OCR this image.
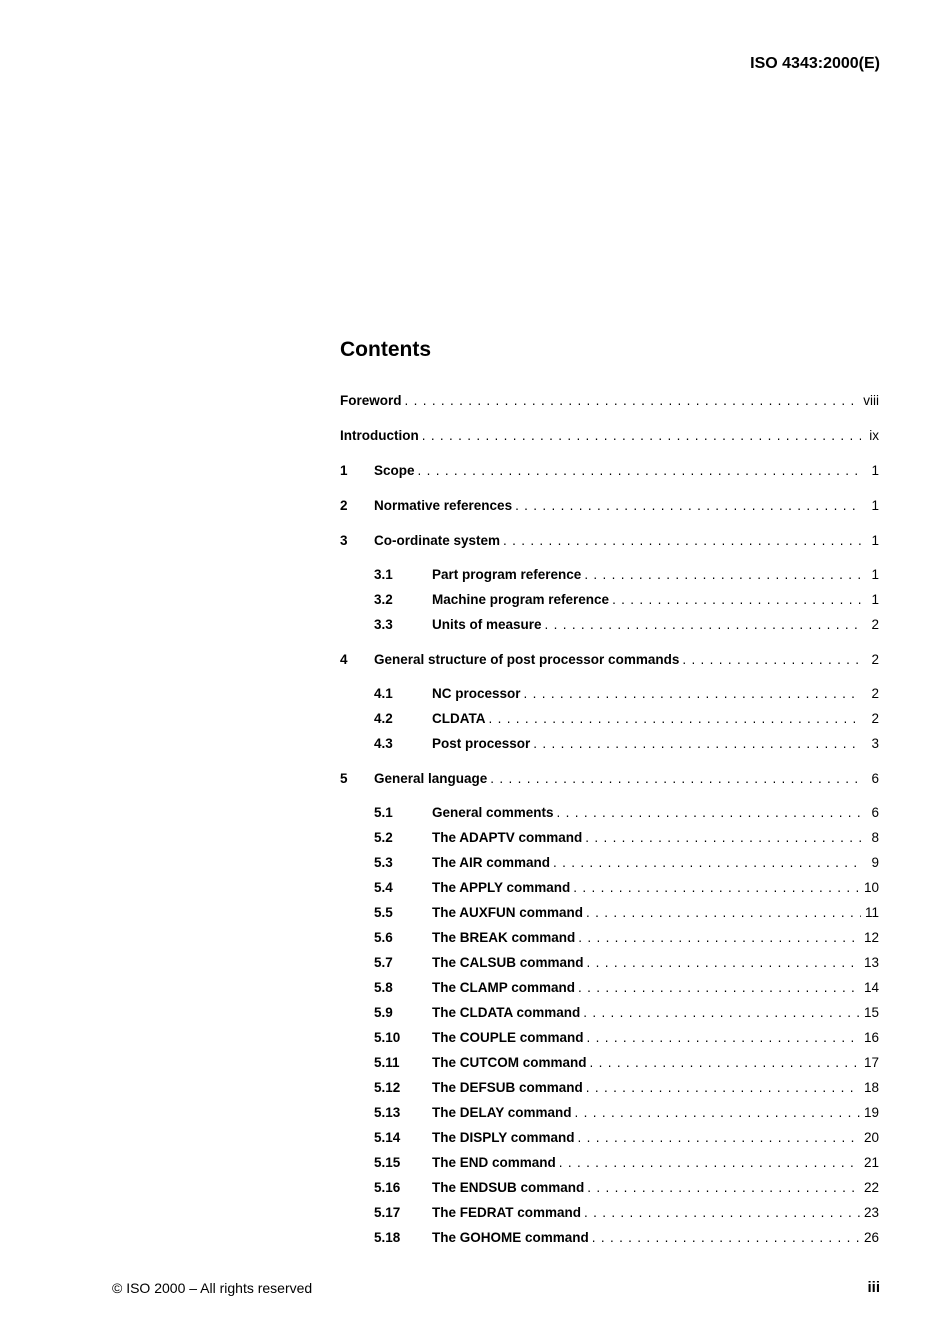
ISO 4343:2000(E)
Contents
Foreword . . .	viii
Introduction . . .	ix
1	Scope . . .	1
2	Normative references . . .	1
3	Co-ordinate system . . .	1
3.1	Part program reference . . .	1
3.2	Machine program reference . . .	1
3.3	Units of measure . . .	2
4	General structure of post processor commands . . .	2
4.1	NC processor . . .	2
4.2	CLDATA . . .	2
4.3	Post processor . . .	3
5	General language . . .	6
5.1	General comments . . .	6
5.2	The ADAPTV command . . .	8
5.3	The AIR command . . .	9
5.4	The APPLY command . . .	10
5.5	The AUXFUN command . . .	11
5.6	The BREAK command . . .	12
5.7	The CALSUB command . . .	13
5.8	The CLAMP command . . .	14
5.9	The CLDATA command . . .	15
5.10	The COUPLE command . . .	16
5.11	The CUTCOM command . . .	17
5.12	The DEFSUB command . . .	18
5.13	The DELAY command . . .	19
5.14	The DISPLY command . . .	20
5.15	The END command . . .	21
5.16	The ENDSUB command . . .	22
5.17	The FEDRAT command . . .	23
5.18	The GOHOME command . . .	26
© ISO 2000 – All rights reserved	iii
